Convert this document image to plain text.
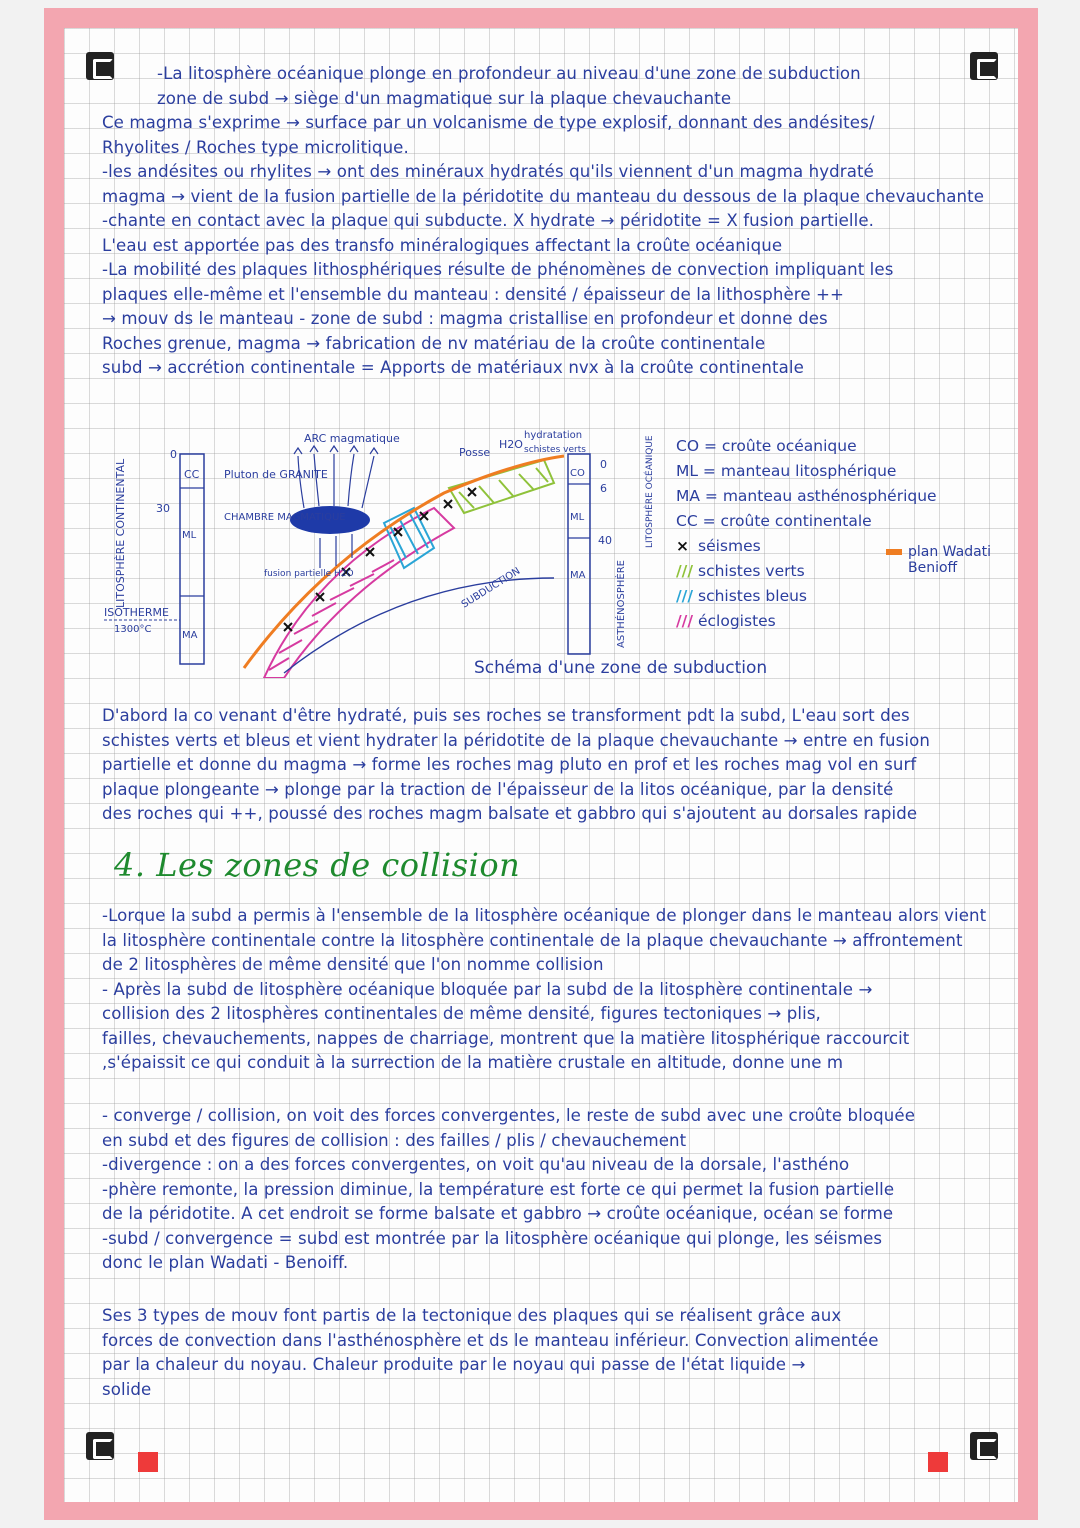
-La litosphère océanique plonge en profondeur au niveau d'une zone de subduction

zone de subd → siège d'un magmatique sur la plaque chevauchante

Ce magma s'exprime → surface par un volcanisme de type explosif, donnant des andésites/

Rhyolites / Roches type microlitique.

-les andésites ou rhylites → ont des minéraux hydratés qu'ils viennent d'un magma hydraté

magma → vient de la fusion partielle de la péridotite du manteau du dessous de la plaque chevauchante

-chante en contact avec la plaque qui subducte. X hydrate → péridotite = X fusion partielle.

L'eau est apportée pas des transfo minéralogiques affectant la croûte océanique

-La mobilité des plaques lithosphériques résulte de phénomènes de convection impliquant les

plaques elle-même et l'ensemble du manteau : densité / épaisseur de la lithosphère ++

→ mouv ds le manteau - zone de subd : magma cristallise en profondeur et donne des

Roches grenue, magma → fabrication de nv matériau de la croûte continentale

subd → accrétion continentale = Apports de matériaux nvx à la croûte continentale

0
30
CC
ML
MA
LITOSPHÈRE CONTINENTAL
ISOTHERME
1300°C
ARC magmatique
Pluton de GRANITE
CHAMBRE MAGMATIQUE
fusion partielle H2O	SUBDUCTION
Posse
H2O
hydratation
schistes verts
CO
ML
MA
0
6
40	LITOSPHÈRE OCÉANIQUE
ASTHÉNOSPHÈRE
CO = croûte océanique
ML = manteau litosphérique
MA = manteau asthénosphérique
CC = croûte continentale
× séismes
/// schistes verts
/// schistes bleus
/// éclogistes
plan Wadati Benioff
Schéma d'une zone de subduction

D'abord la co venant d'être hydraté, puis ses roches se transforment pdt la subd, L'eau sort des

schistes verts et bleus et vient hydrater la péridotite de la plaque chevauchante → entre en fusion

partielle et donne du magma → forme les roches mag pluto en prof et les roches mag vol en surf

plaque plongeante → plonge par la traction de l'épaisseur de la litos océanique, par la densité

des roches qui ++, poussé des roches magm balsate et gabbro qui s'ajoutent au dorsales rapide

4. Les zones de collision

-Lorque la subd a permis à l'ensemble de la litosphère océanique de plonger dans le manteau alors vient

la litosphère continentale contre la litosphère continentale de la plaque chevauchante → affrontement

de 2 litosphères de même densité que l'on nomme collision

- Après la subd de litosphère océanique bloquée par la subd de la litosphère continentale →

collision des 2 litosphères continentales de même densité, figures tectoniques → plis,

failles, chevauchements, nappes de charriage, montrent que la matière litosphérique raccourcit

,s'épaissit ce qui conduit à la surrection de la matière crustale en altitude, donne une m

- converge / collision, on voit des forces convergentes, le reste de subd avec une croûte bloquée

en subd et des figures de collision : des failles / plis / chevauchement

-divergence : on a des forces convergentes, on voit qu'au niveau de la dorsale, l'asthéno

-phère remonte, la pression diminue, la température est forte ce qui permet la fusion partielle

de la péridotite. A cet endroit se forme balsate et gabbro → croûte océanique, océan se forme

-subd / convergence = subd est montrée par la litosphère océanique qui plonge, les séismes

donc le plan Wadati - Benoiff.

Ses 3 types de mouv font partis de la tectonique des plaques qui se réalisent grâce aux

forces de convection dans l'asthénosphère et ds le manteau inférieur. Convection alimentée

par la chaleur du noyau. Chaleur produite par le noyau qui passe de l'état liquide →

solide
